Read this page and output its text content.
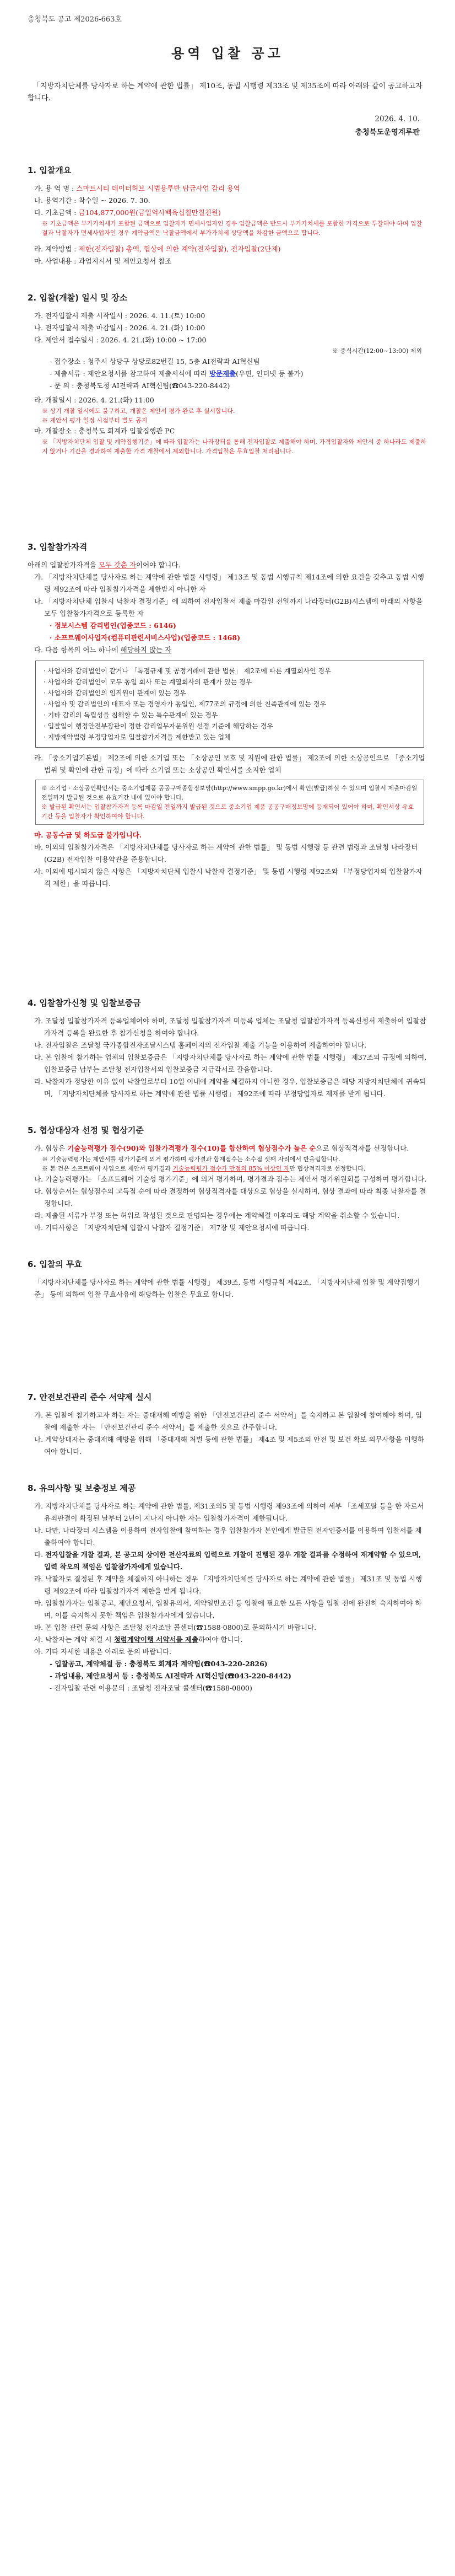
충청북도 공고 제2026-663호
용역 입찰 공고
「지방자치단체를 당사자로 하는 계약에 관한 법률」 제10조, 동법 시행령 제33조 및 제35조에 따라 아래와 같이 공고하고자 합니다.
2026. 4. 10.
충청북도운영계루판
1. 입찰개요
가. 용 역 명 : 스마트시티 데이터허브 시범용루반 탑급사업 감리 용역
나. 용역기간 : 착수일 ~ 2026. 7. 30.
다. 기초금액 : 금104,877,000원(금일억사백육십칠만칠천원)
※ 기초금액은 부가가치세가 포함된 금액으로 입찰자가 면세사업자인 경우 입찰금액은 반드시 부가가치세를 포함한 가격으로 투찰해야 하며 입찰결과 낙찰자가 면세사업자인 경우 계약금액은 낙찰금액에서 부가가치세 상당액을 차감한 금액으로 합니다.
라. 계약방법 : 제한(전자입찰) 총액, 협상에 의한 계약(전자입찰), 전자입찰(2단계)
마. 사업내용 : 과업지시서 및 제안요청서 참조
2. 입찰(개찰) 일시 및 장소
가. 전자입찰서 제출 시작일시 : 2026. 4. 11.(토) 10:00
나. 전자입찰서 제출 마감일시 : 2026. 4. 21.(화) 10:00
다. 제안서 접수일시 : 2026. 4. 21.(화) 10:00 ~ 17:00
※ 중식시간(12:00~13:00) 제외
- 접수장소 : 청주시 상당구 상당로82번길 15, 5층 AI전략과 AI혁신팀
- 제출서류 : 제안요청서를 참고하여 제출서식에 따라 방문제출(우편, 인터넷 등 불가)
- 문 의 : 충청북도청 AI전략과 AI혁신팀(☎043-220-8442)
라. 개찰일시 : 2026. 4. 21.(화) 11:00
※ 상기 개찰 일시에도 불구하고, 개찰은 제안서 평가 완료 후 실시합니다.
※ 제안서 평가 일정 시점부터 별도 공지
마. 개찰장소 : 충청북도 회계과 입찰집행관 PC
※ 「지방자치단체 입찰 및 계약집행기준」에 따라 입찰자는 나라장터를 통해 전자입찰로 제출해야 하며, 가격입찰자와 제안서 중 하나라도 제출하지 않거나 기간을 경과하여 제출한 가격 개찰에서 제외합니다. 가격입찰은 무효입찰 처리됩니다.
3. 입찰참가자격
아래의 입찰참가자격을 모두 갖춘 자이어야 합니다.
가. 「지방자치단체를 당사자로 하는 계약에 관한 법률 시행령」 제13조 및 동법 시행규칙 제14조에 의한 요건을 갖추고 동법 시행령 제92조에 따라 입찰참가자격을 제한받지 아니한 자
나. 「지방자치단체 입찰시 낙찰자 결정기준」에 의하여 전자입찰서 제출 마감일 전일까지 나라장터(G2B)시스템에 아래의 사항을 모두 입찰참가자격으로 등록한 자
· 정보시스템 감리법인(업종코드 : 6146)
· 소프트웨어사업자(컴퓨터관련서비스사업)(업종코드 : 1468)
다. 다음 항목의 어느 하나에 해당하지 않는 자
· 사업자와 감리법인이 같거나 「독점규제 및 공정거래에 관한 법률」 제2조에 따른 계열회사인 경우
· 사업자와 감리법인이 모두 동일 회사 또는 계열회사의 관계가 있는 경우
· 사업자와 감리법인의 임직원이 관계에 있는 경우
· 사업자 및 감리법인의 대표자 또는 경영자가 동일인, 제77조의 규정에 의한 친족관계에 있는 경우
· 기타 감리의 독립성을 침해할 수 있는 특수관계에 있는 경우
· 입찰일이 행정안전부장관이 정한 감리업무자문위원 선정 기준에 해당하는 경우
· 지방계약법령 부정당업자로 입찰참가자격을 제한받고 있는 업체
라. 「중소기업기본법」 제2조에 의한 소기업 또는 「소상공인 보호 및 지원에 관한 법률」 제2조에 의한 소상공인으로 「중소기업범위 및 확인에 관한 규정」에 따라 소기업 또는 소상공인 확인서를 소지한 업체
※ 소기업 · 소상공인확인서는 중소기업제품 공공구매종합정보망(http://www.smpp.go.kr)에서 확인(발급)하실 수 있으며 입찰서 제출마감일 전일까지 발급된 것으로 유효기간 내에 있어야 합니다.
※ 발급된 확인서는 입찰참가자격 등록 마감일 전일까지 발급된 것으로 중소기업 제품 공공구매정보망에 등재되어 있어야 하며, 확인서상 유효기간 등을 입찰자가 확인하여야 합니다.
마. 공동수급 및 하도급 불가입니다.
바. 이외의 입찰참가자격은 「지방자치단체를 당사자로 하는 계약에 관한 법률」 및 동법 시행령 등 관련 법령과 조달청 나라장터(G2B) 전자입찰 이용약관을 준용합니다.
사. 이외에 명시되지 않은 사항은 「지방자치단체 입찰시 낙찰자 결정기준」 및 동법 시행령 제92조와 「부정당업자의 입찰참가자격 제한」을 따릅니다.
4. 입찰참가신청 및 입찰보증금
가. 조달청 입찰참가자격 등록업체여야 하며, 조달청 입찰참가자격 미등록 업체는 조달청 입찰참가자격 등록신청서 제출하여 입찰참가자격 등록을 완료한 후 참가신청을 하여야 합니다.
나. 전자입찰은 조달청 국가종합전자조달시스템 홈페이지의 전자입찰 제출 기능을 이용하여 제출하여야 합니다.
다. 본 입찰에 참가하는 업체의 입찰보증금은 「지방자치단체를 당사자로 하는 계약에 관한 법률 시행령」 제37조의 규정에 의하여, 입찰보증금 납부는 조달청 전자입찰서의 입찰보증금 지급각서로 갈음합니다.
라. 낙찰자가 정당한 이유 없이 낙찰일로부터 10일 이내에 계약을 체결하지 아니한 경우, 입찰보증금은 해당 지방자치단체에 귀속되며, 「지방자치단체를 당사자로 하는 계약에 관한 법률 시행령」 제92조에 따라 부정당업자로 제재를 받게 됩니다.
5. 협상대상자 선정 및 협상기준
가. 협상은 기술능력평가 점수(90)와 입찰가격평가 점수(10)를 합산하여 협상점수가 높은 순으로 협상적격자를 선정합니다.
※ 기술능력평가는 제안서를 평가기준에 의거 평가하며 평가결과 합계점수는 소수점 셋째 자리에서 반올림합니다.
※ 본 건은 소프트웨어 사업으로 제안서 평가결과 기술능력평가 점수가 만점의 85% 이상인 자만 협상적격자로 선정합니다.
나. 기술능력평가는 「소프트웨어 기술성 평가기준」에 의거 평가하며, 평가결과 점수는 제안서 평가위원회를 구성하여 평가합니다.
다. 협상순서는 협상점수의 고득점 순에 따라 결정하여 협상적격자를 대상으로 협상을 실시하며, 협상 결과에 따라 최종 낙찰자를 결정합니다.
라. 제출된 서류가 부정 또는 허위로 작성된 것으로 판명되는 경우에는 계약체결 이후라도 해당 계약을 취소할 수 있습니다.
마. 기타사항은 「지방자치단체 입찰시 낙찰자 결정기준」 제7장 및 제안요청서에 따릅니다.
6. 입찰의 무효
「지방자치단체를 당사자로 하는 계약에 관한 법률 시행령」 제39조, 동법 시행규칙 제42조, 「지방자치단체 입찰 및 계약집행기준」 등에 의하여 입찰 무효사유에 해당하는 입찰은 무효로 합니다.
7. 안전보건관리 준수 서약제 실시
가. 본 입찰에 참가하고자 하는 자는 중대재해 예방을 위한 「안전보건관리 준수 서약서」를 숙지하고 본 입찰에 참여해야 하며, 입찰에 제출한 자는 「안전보건관리 준수 서약서」를 제출한 것으로 간주합니다.
나. 계약상대자는 중대재해 예방을 위해 「중대재해 처벌 등에 관한 법률」 제4조 및 제5조의 안전 및 보건 확보 의무사항을 이행하여야 합니다.
8. 유의사항 및 보충정보 제공
가. 지방자치단체를 당사자로 하는 계약에 관한 법률, 제31조의5 및 동법 시행령 제93조에 의하여 세부 「조세포탈 등을 한 자로서 유죄판결이 확정된 날부터 2년이 지나지 아니한 자는 입찰참가자격이 제한됩니다.
나. 다만, 나라장터 시스템을 이용하여 전자입찰에 참여하는 경우 입찰참가자 본인에게 발급된 전자인증서를 이용하여 입찰서를 제출하여야 합니다.
다. 전자입찰을 개찰 결과, 본 공고의 상이한 전산자료의 입력으로 개찰이 진행된 경우 개찰 결과를 수정하여 재계약할 수 있으며, 입력 착오의 책임은 입찰참가자에게 있습니다.
라. 낙찰자로 결정된 후 계약을 체결하지 아니하는 경우 「지방자치단체를 당사자로 하는 계약에 관한 법률」 제31조 및 동법 시행령 제92조에 따라 입찰참가자격 제한을 받게 됩니다.
마. 입찰참가자는 입찰공고, 제안요청서, 입찰유의서, 계약일반조건 등 입찰에 필요한 모든 사항을 입찰 전에 완전히 숙지하여야 하며, 이를 숙지하지 못한 책임은 입찰참가자에게 있습니다.
바. 본 입찰 관련 문의 사항은 조달청 전자조달 콜센터(☎1588-0800)로 문의하시기 바랍니다.
사. 낙찰자는 계약 체결 시 청렴계약이행 서약서를 제출하여야 합니다.
아. 기타 자세한 내용은 아래로 문의 바랍니다.
- 입찰공고, 계약체결 등 : 충청북도 회계과 계약팀(☎043-220-2826)
- 과업내용, 제안요청서 등 : 충청북도 AI전략과 AI혁신팀(☎043-220-8442)
- 전자입찰 관련 이용문의 : 조달청 전자조달 콜센터(☎1588-0800)
